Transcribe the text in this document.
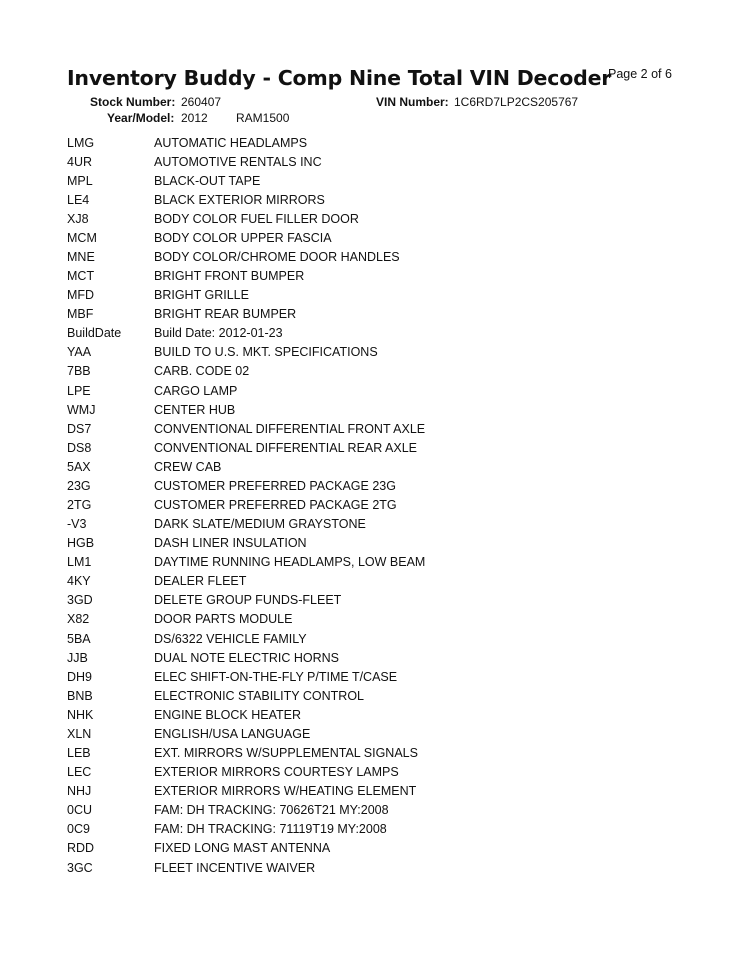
Inventory Buddy - Comp Nine Total VIN Decoder
Page 2 of 6
Stock Number: 260407	VIN Number: 1C6RD7LP2CS205767
Year/Model: 2012 RAM1500
LMG	AUTOMATIC HEADLAMPS
4UR	AUTOMOTIVE RENTALS INC
MPL	BLACK-OUT TAPE
LE4	BLACK EXTERIOR MIRRORS
XJ8	BODY COLOR FUEL FILLER DOOR
MCM	BODY COLOR UPPER FASCIA
MNE	BODY COLOR/CHROME DOOR HANDLES
MCT	BRIGHT FRONT BUMPER
MFD	BRIGHT GRILLE
MBF	BRIGHT REAR BUMPER
BuildDate	Build Date: 2012-01-23
YAA	BUILD TO U.S. MKT. SPECIFICATIONS
7BB	CARB. CODE 02
LPE	CARGO LAMP
WMJ	CENTER HUB
DS7	CONVENTIONAL DIFFERENTIAL FRONT AXLE
DS8	CONVENTIONAL DIFFERENTIAL REAR AXLE
5AX	CREW CAB
23G	CUSTOMER PREFERRED PACKAGE 23G
2TG	CUSTOMER PREFERRED PACKAGE 2TG
-V3	DARK SLATE/MEDIUM GRAYSTONE
HGB	DASH LINER INSULATION
LM1	DAYTIME RUNNING HEADLAMPS, LOW BEAM
4KY	DEALER FLEET
3GD	DELETE GROUP FUNDS-FLEET
X82	DOOR PARTS MODULE
5BA	DS/6322 VEHICLE FAMILY
JJB	DUAL NOTE ELECTRIC HORNS
DH9	ELEC SHIFT-ON-THE-FLY P/TIME T/CASE
BNB	ELECTRONIC STABILITY CONTROL
NHK	ENGINE BLOCK HEATER
XLN	ENGLISH/USA LANGUAGE
LEB	EXT. MIRRORS W/SUPPLEMENTAL SIGNALS
LEC	EXTERIOR MIRRORS COURTESY LAMPS
NHJ	EXTERIOR MIRRORS W/HEATING ELEMENT
0CU	FAM: DH TRACKING: 70626T21 MY:2008
0C9	FAM: DH TRACKING: 71119T19 MY:2008
RDD	FIXED LONG MAST ANTENNA
3GC	FLEET INCENTIVE WAIVER
